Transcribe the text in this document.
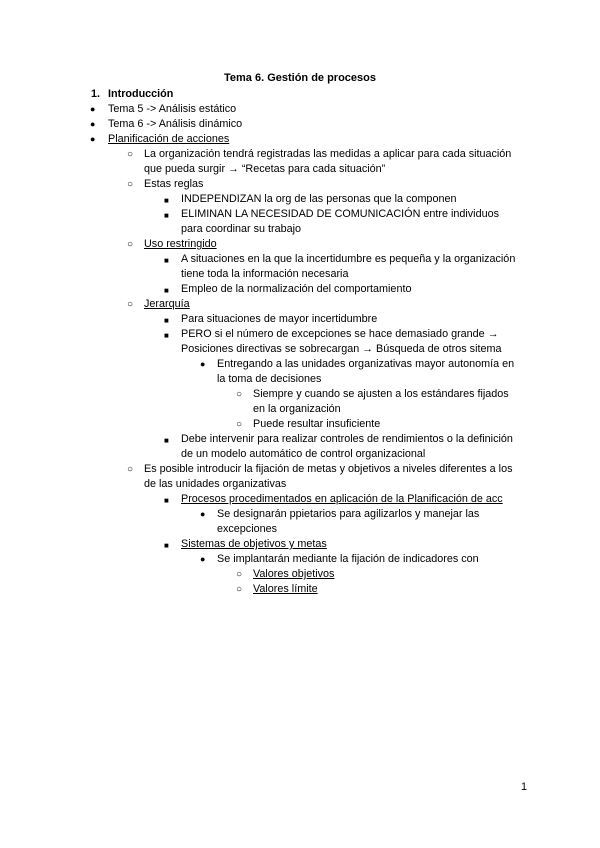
Tema 6. Gestión de procesos
1. Introducción
● Tema 5 -> Análisis estático
● Tema 6 -> Análisis dinámico
● Planificación de acciones
○ La organización tendrá registradas las medidas a aplicar para cada situación
que pueda surgir → “Recetas para cada situación”
○ Estas reglas
■ INDEPENDIZAN la org de las personas que la componen
■ ELIMINAN LA NECESIDAD DE COMUNICACIÓN entre individuos
para coordinar su trabajo
○ Uso restringido
■ A situaciones en la que la incertidumbre es pequeña y la organización
tiene toda la información necesaria
■ Empleo de la normalización del comportamiento
○ Jerarquía
■ Para situaciones de mayor incertidumbre
■ PERO si el número de excepciones se hace demasiado grande →
Posiciones directivas se sobrecargan → Búsqueda de otros sitema
● Entregando a las unidades organizativas mayor autonomía en
la toma de decisiones
○ Siempre y cuando se ajusten a los estándares fijados
en la organización
○ Puede resultar insuficiente
■ Debe intervenir para realizar controles de rendimientos o la definición
de un modelo automático de control organizacional
○ Es posible introducir la fijación de metas y objetivos a niveles diferentes a los
de las unidades organizativas
■ Procesos procedimentados en aplicación de la Planificación de acc
● Se designarán ppietarios para agilizarlos y manejar las
excepciones
■ Sistemas de objetivos y metas
● Se implantarán mediante la fijación de indicadores con
○ Valores objetivos
○ Valores límite
1
